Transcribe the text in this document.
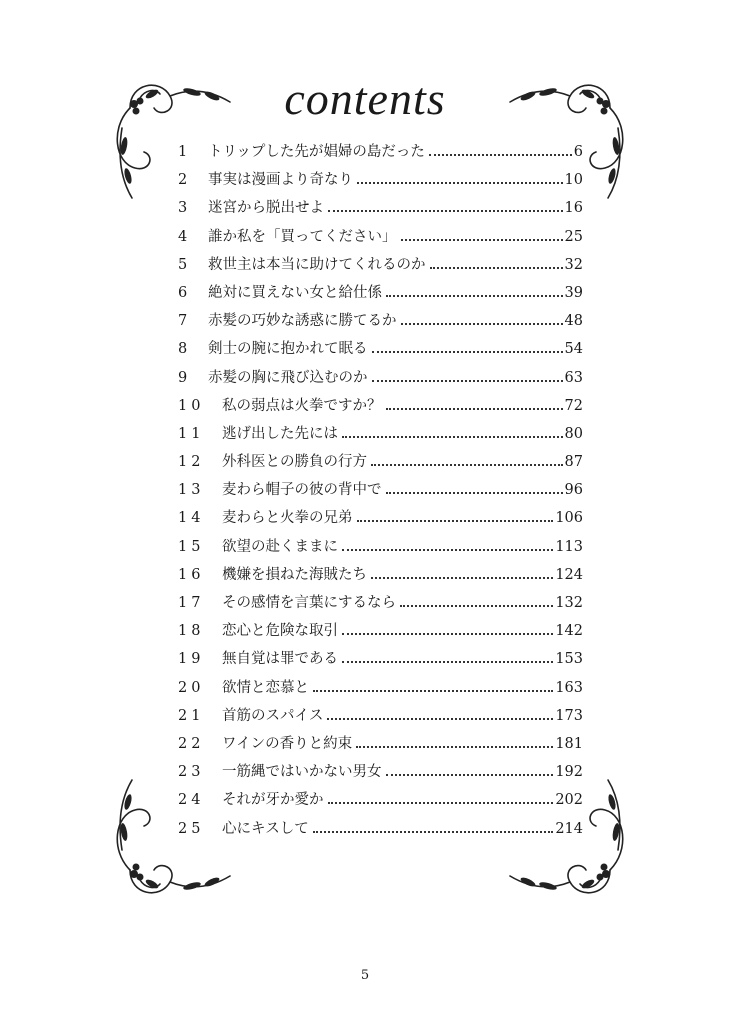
contents
1	トリップした先が娼婦の島だった	6
2	事実は漫画より奇なり	10
3	迷宮から脱出せよ	16
4	誰か私を「買ってください」	25
5	救世主は本当に助けてくれるのか	32
6	絶対に買えない女と給仕係	39
7	赤髪の巧妙な誘惑に勝てるか	48
8	剣士の腕に抱かれて眠る	54
9	赤髪の胸に飛び込むのか	63
10	私の弱点は火拳ですか？	72
11	逃げ出した先には	80
12	外科医との勝負の行方	87
13	麦わら帽子の彼の背中で	96
14	麦わらと火拳の兄弟	106
15	欲望の赴くままに	113
16	機嫌を損ねた海賊たち	124
17	その感情を言葉にするなら	132
18	恋心と危険な取引	142
19	無自覚は罪である	153
20	欲情と恋慕と	163
21	首筋のスパイス	173
22	ワインの香りと約束	181
23	一筋縄ではいかない男女	192
24	それが牙か愛か	202
25	心にキスして	214
5
